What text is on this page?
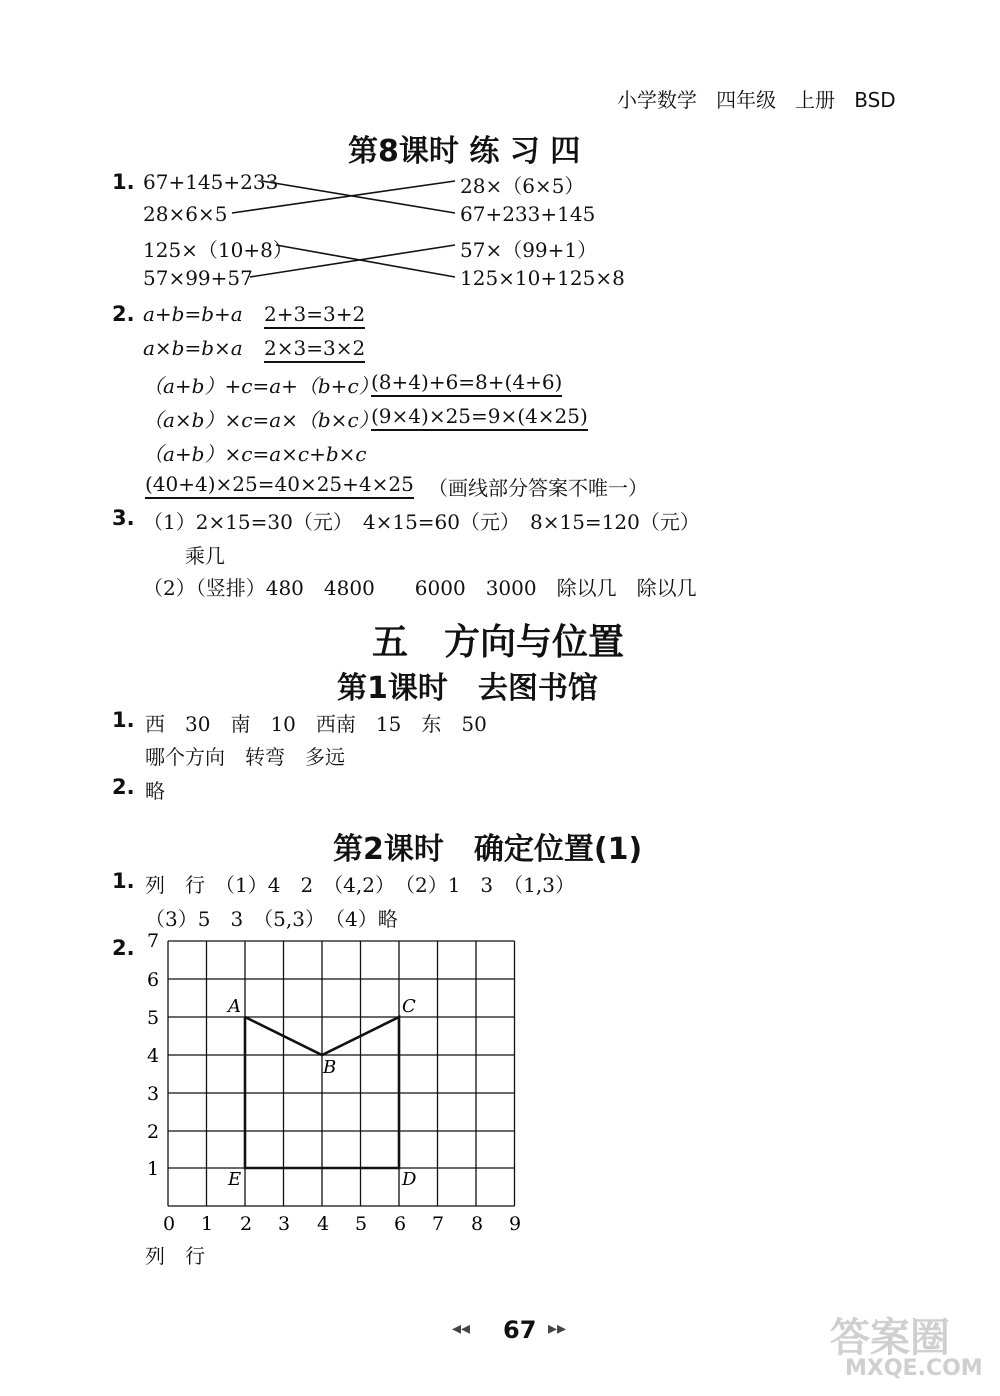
小学数学 四年级 上册 BSD
第8课时 练 习 四
1. 67+145+233
28×6×5
125×（10+8）
57×99+57
28×（6×5）
67+233+145
57×（99+1）
125×10+125×8
2. a+b=b+a 2+3=3+2
a×b=b×a 2×3=3×2
（a+b）+c=a+（b+c）
(8+4)+6=8+(4+6)
（a×b）×c=a×（b×c）
(9×4)×25=9×(4×25)
（a+b）×c=a×c+b×c
(40+4)×25=40×25+4×25 （画线部分答案不唯一）
3. （1）2×15=30（元）　4×15=60（元）　8×15=120（元）
乘几
（2）（竖排）480　4800　　6000　3000　除以几　除以几
五　方向与位置
第1课时　去图书馆
1. 西　30　南　10　西南　15　东　50
哪个方向　转弯　多远
2. 略
第2课时　确定位置(1)
1. 列　行　（1）4　2　（4,2）　（2）1　3　（1,3）
（3）5　3　（5,3）　（4）略
2. 7
6
5
4
3
2
1
0 1 2 3 4 5 6 7 8 9
A
B
C
D
E
列　行
◂◂ 67 ▸▸	答案圈
MXQE.COM
